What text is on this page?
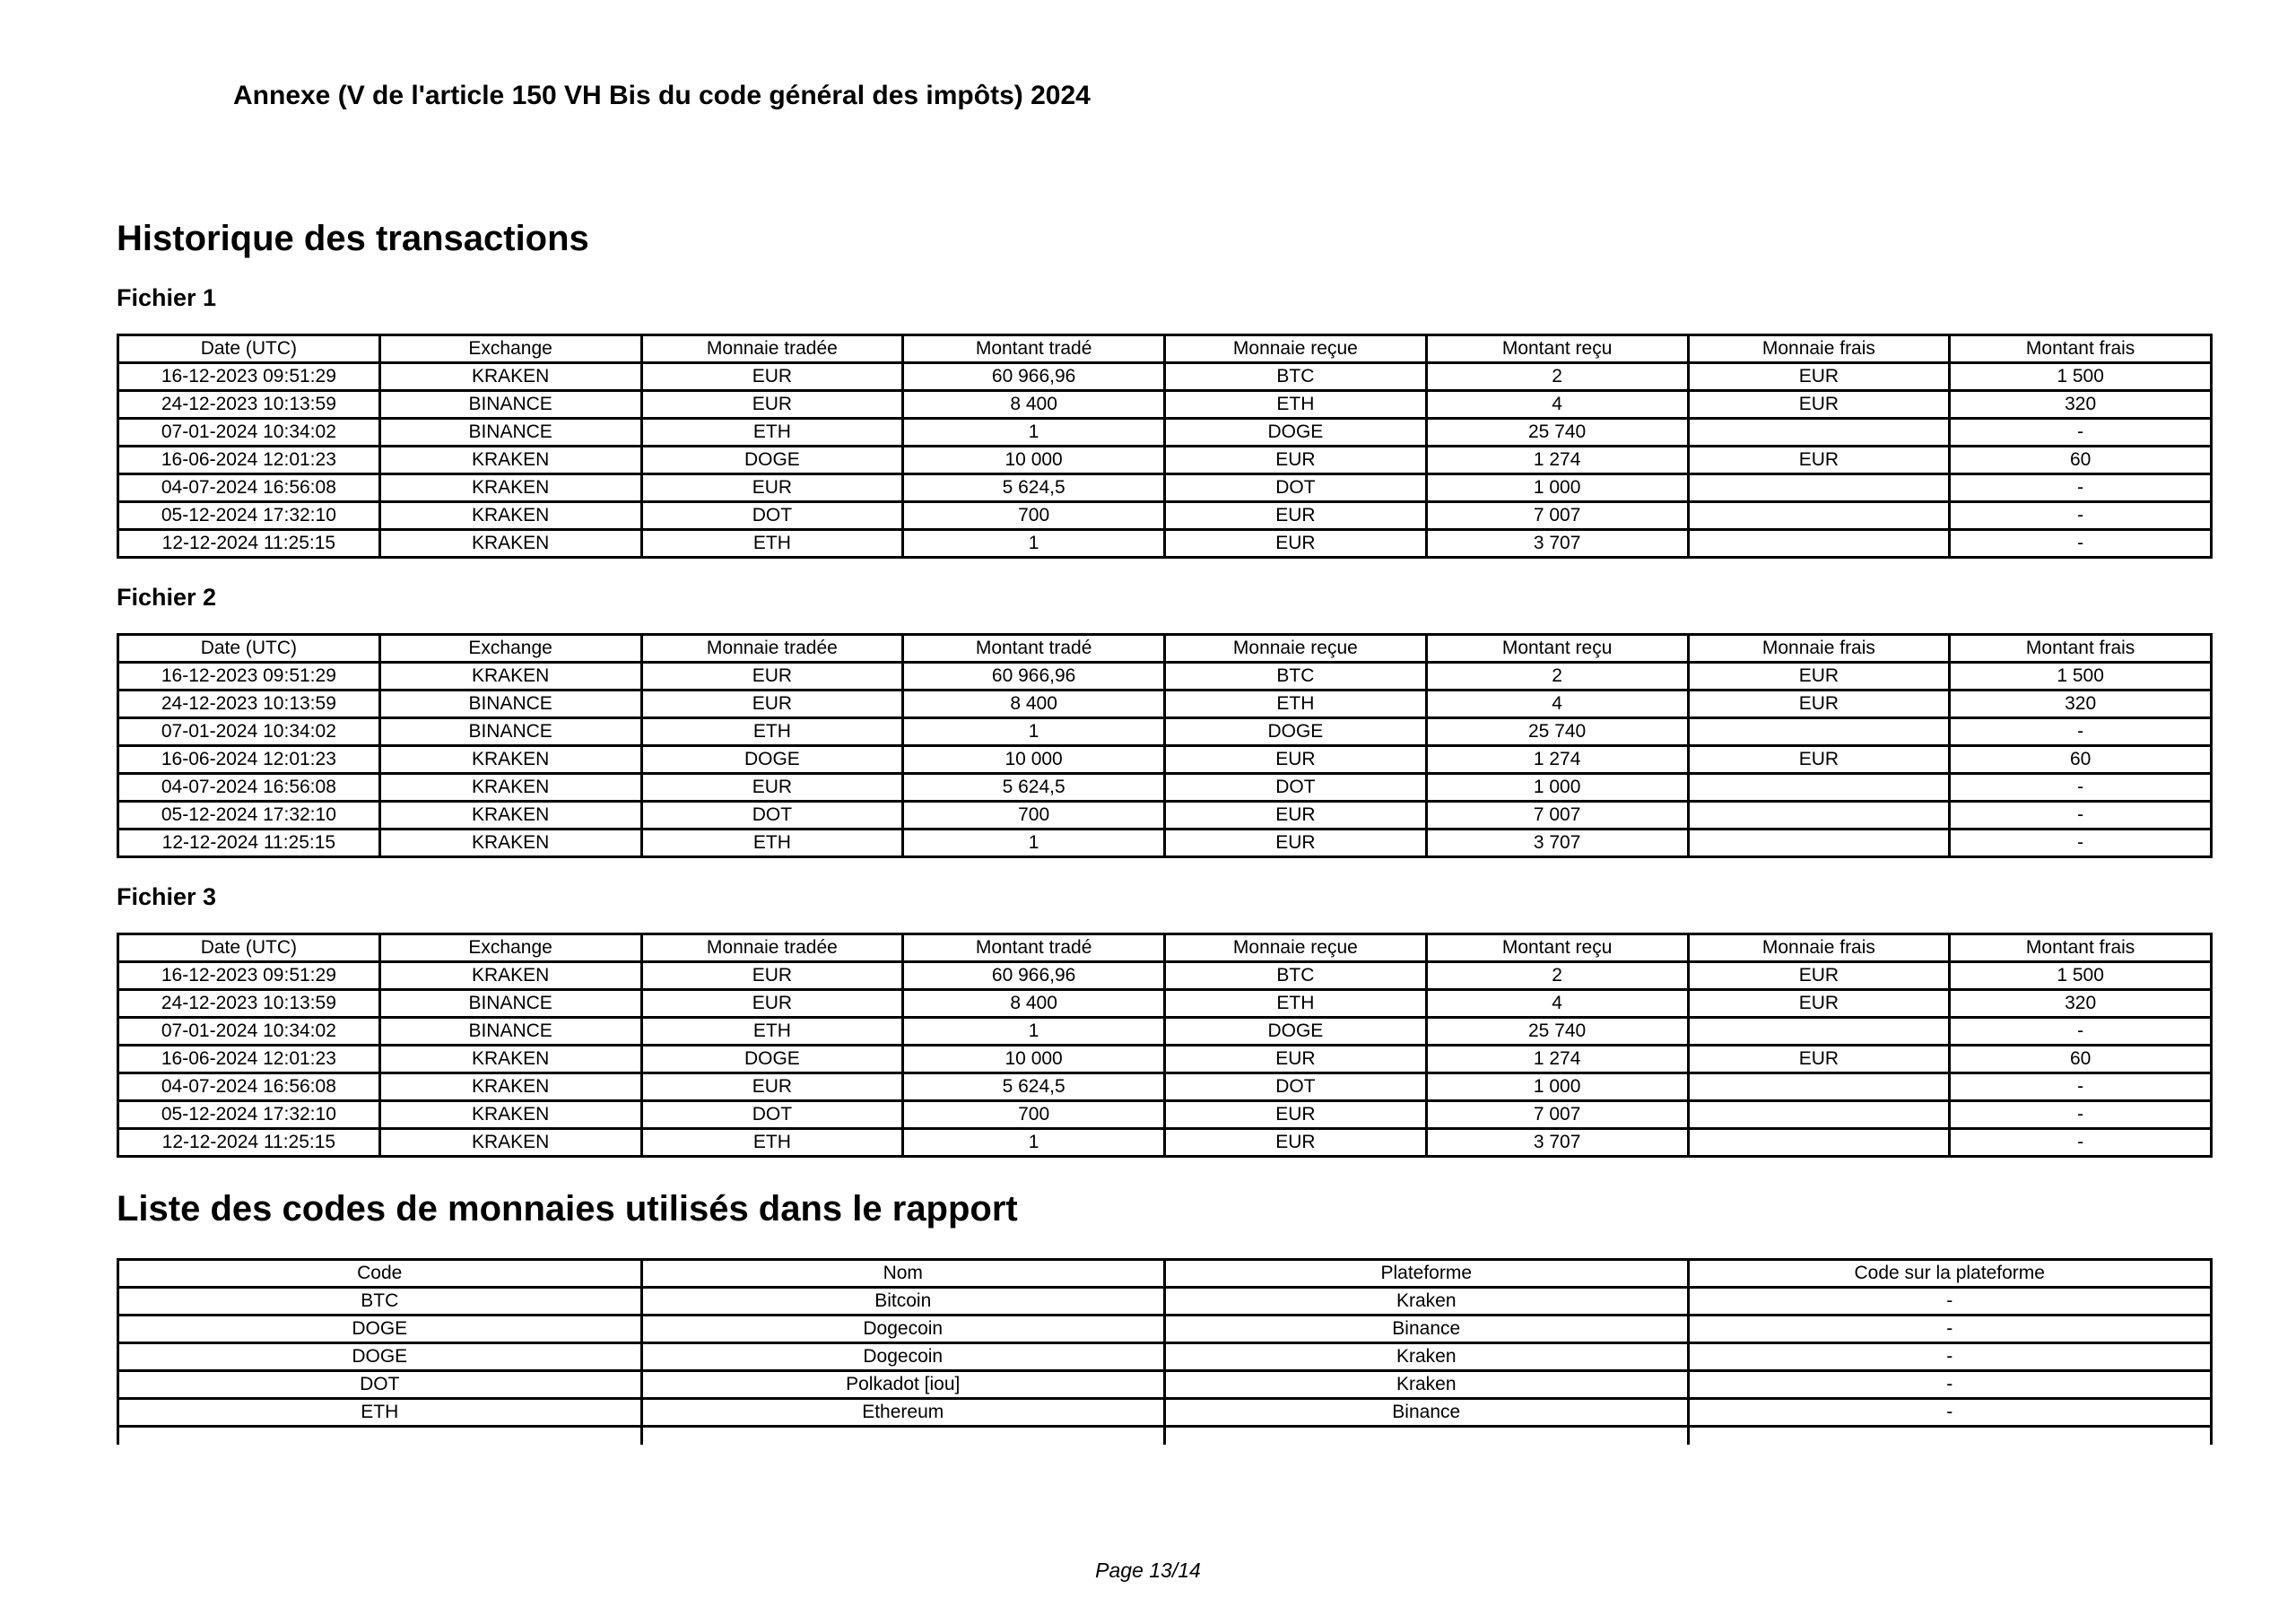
Annexe (V de l'article 150 VH Bis du code général des impôts) 2024
Historique des transactions
Fichier 1
Date (UTC)	Exchange	Monnaie tradée	Montant tradé	Monnaie reçue	Montant reçu	Monnaie frais	Montant frais
16-12-2023 09:51:29	KRAKEN	EUR	60 966,96	BTC	2	EUR	1 500
24-12-2023 10:13:59	BINANCE	EUR	8 400	ETH	4	EUR	320
07-01-2024 10:34:02	BINANCE	ETH	1	DOGE	25 740		-
16-06-2024 12:01:23	KRAKEN	DOGE	10 000	EUR	1 274	EUR	60
04-07-2024 16:56:08	KRAKEN	EUR	5 624,5	DOT	1 000		-
05-12-2024 17:32:10	KRAKEN	DOT	700	EUR	7 007		-
12-12-2024 11:25:15	KRAKEN	ETH	1	EUR	3 707		-
Fichier 2
Date (UTC)	Exchange	Monnaie tradée	Montant tradé	Monnaie reçue	Montant reçu	Monnaie frais	Montant frais
16-12-2023 09:51:29	KRAKEN	EUR	60 966,96	BTC	2	EUR	1 500
24-12-2023 10:13:59	BINANCE	EUR	8 400	ETH	4	EUR	320
07-01-2024 10:34:02	BINANCE	ETH	1	DOGE	25 740		-
16-06-2024 12:01:23	KRAKEN	DOGE	10 000	EUR	1 274	EUR	60
04-07-2024 16:56:08	KRAKEN	EUR	5 624,5	DOT	1 000		-
05-12-2024 17:32:10	KRAKEN	DOT	700	EUR	7 007		-
12-12-2024 11:25:15	KRAKEN	ETH	1	EUR	3 707		-
Fichier 3
Date (UTC)	Exchange	Monnaie tradée	Montant tradé	Monnaie reçue	Montant reçu	Monnaie frais	Montant frais
16-12-2023 09:51:29	KRAKEN	EUR	60 966,96	BTC	2	EUR	1 500
24-12-2023 10:13:59	BINANCE	EUR	8 400	ETH	4	EUR	320
07-01-2024 10:34:02	BINANCE	ETH	1	DOGE	25 740		-
16-06-2024 12:01:23	KRAKEN	DOGE	10 000	EUR	1 274	EUR	60
04-07-2024 16:56:08	KRAKEN	EUR	5 624,5	DOT	1 000		-
05-12-2024 17:32:10	KRAKEN	DOT	700	EUR	7 007		-
12-12-2024 11:25:15	KRAKEN	ETH	1	EUR	3 707		-
Liste des codes de monnaies utilisés dans le rapport
Code	Nom	Plateforme	Code sur la plateforme
BTC	Bitcoin	Kraken	-
DOGE	Dogecoin	Binance	-
DOGE	Dogecoin	Kraken	-
DOT	Polkadot [iou]	Kraken	-
ETH	Ethereum	Binance	-

Page 13/14
